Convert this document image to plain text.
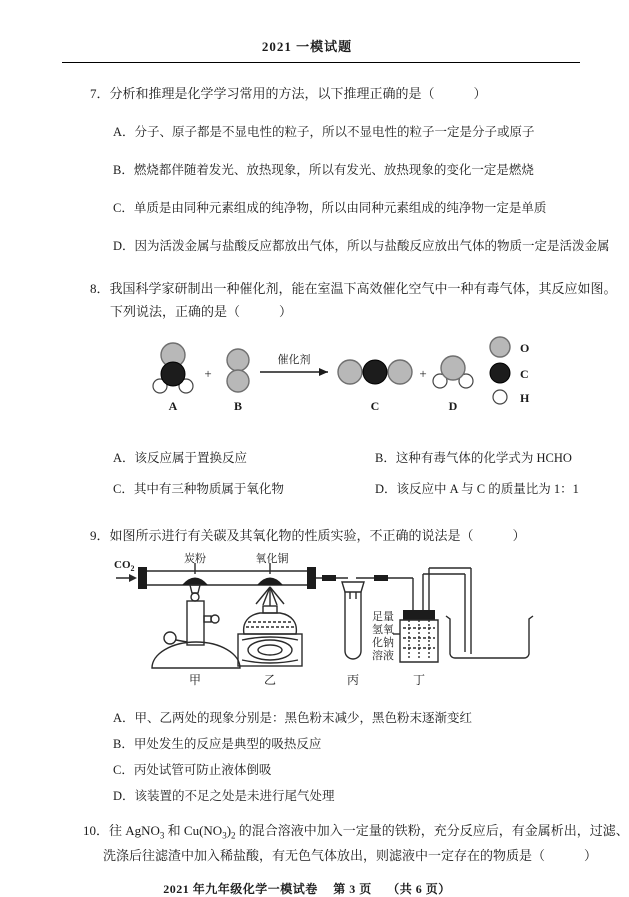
2021 一模试题
7．分析和推理是化学学习常用的方法，以下推理正确的是（　　　）
A．分子、原子都是不显电性的粒子，所以不显电性的粒子一定是分子或原子
B．燃烧都伴随着发光、放热现象，所以有发光、放热现象的变化一定是燃烧
C．单质是由同种元素组成的纯净物，所以由同种元素组成的纯净物一定是单质
D．因为活泼金属与盐酸反应都放出气体，所以与盐酸反应放出气体的物质一定是活泼金属
8．我国科学家研制出一种催化剂，能在室温下高效催化空气中一种有毒气体，其反应如图。
下列说法，正确的是（　　　）
A
+
B
催化剂
C
+
D
O
C
H
A．该反应属于置换反应	B．这种有毒气体的化学式为 HCHO
C．其中有三种物质属于氧化物	D．该反应中 A 与 C 的质量比为 1：1
9．如图所示进行有关碳及其氧化物的性质实验，不正确的说法是（　　　）
$CO_2$
炭粉	氧化铜
甲	乙	丙	丁
足量
氢氧
化钠
溶液
A．甲、乙两处的现象分别是：黑色粉末减少，黑色粉末逐渐变红
B．甲处发生的反应是典型的吸热反应
C．丙处试管可防止液体倒吸
D．该装置的不足之处是未进行尾气处理
10．往 AgNO$_3$ 和 $Cu(NO_3)_2$ 的混合溶液中加入一定量的铁粉，充分反应后，有金属析出，过滤、
洗涤后往滤渣中加入稀盐酸，有无色气体放出，则滤液中一定存在的物质是（　　　）
2021 年九年级化学一模试卷 第 3 页 （共 6 页）
